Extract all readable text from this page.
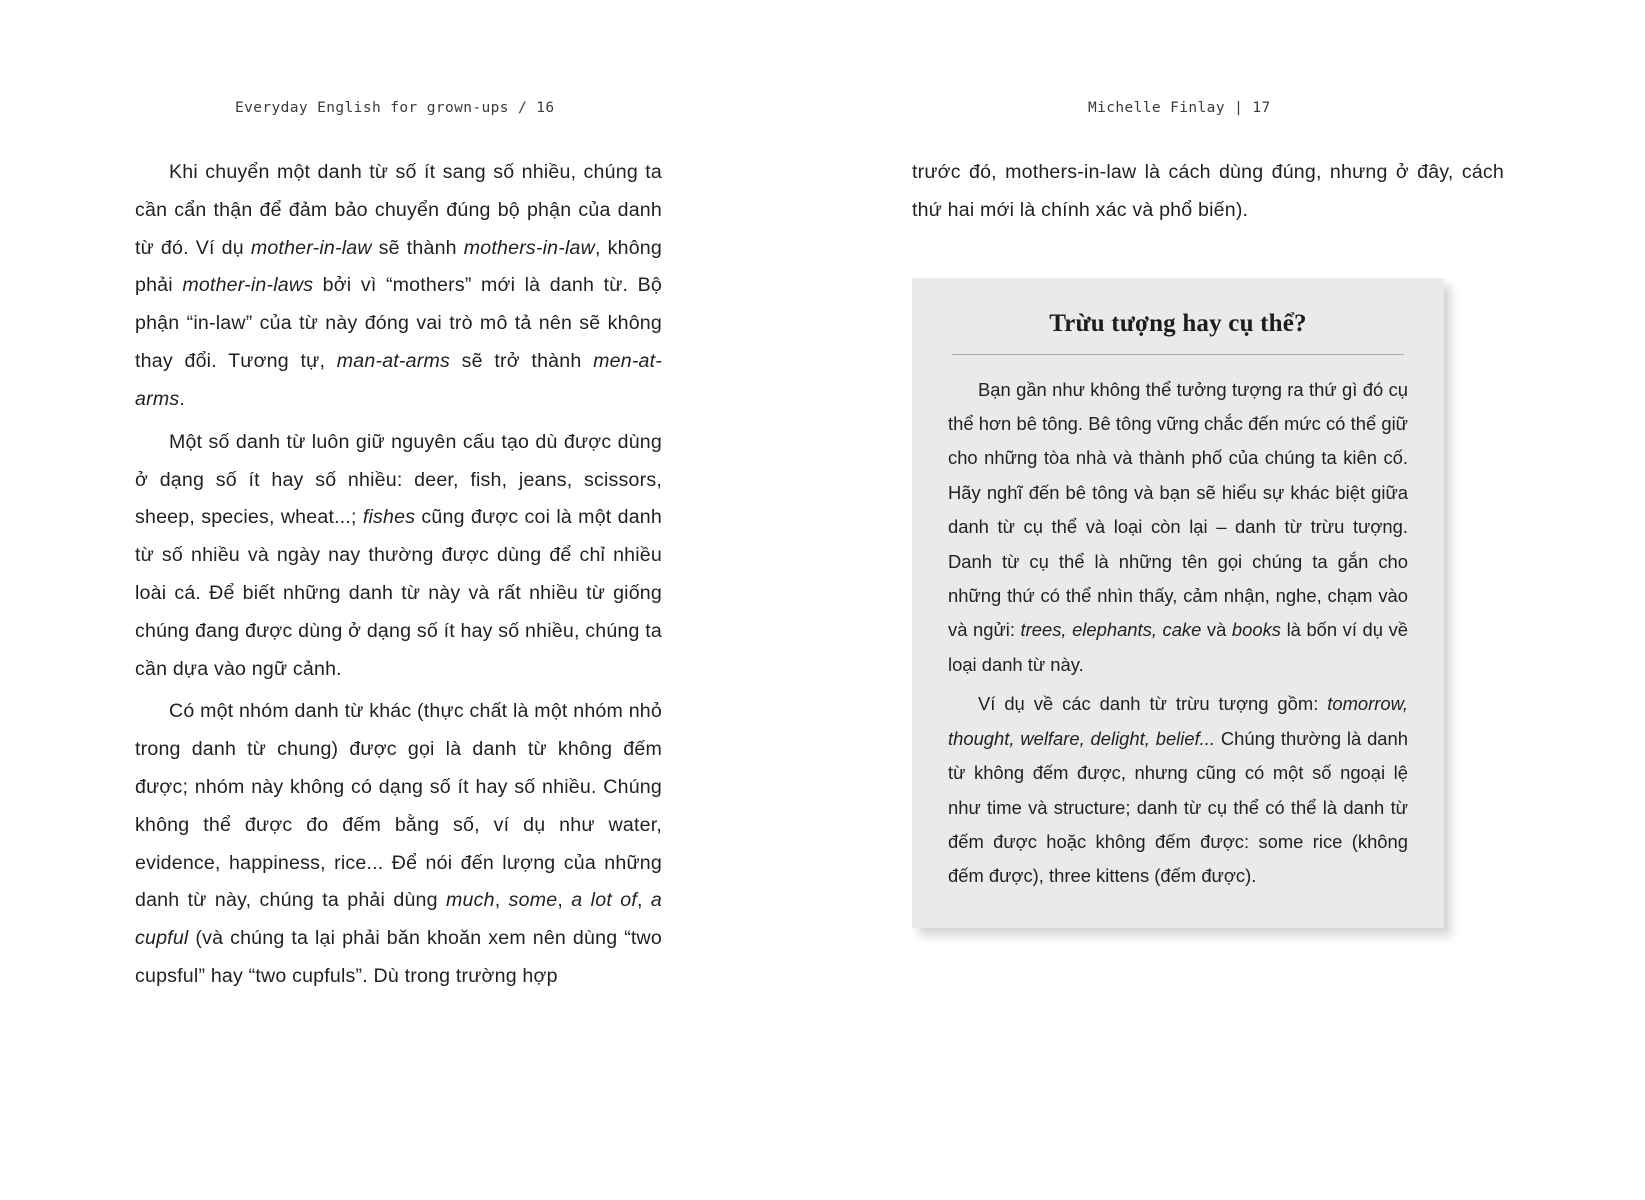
Everyday English for grown-ups / 16

Khi chuyển một danh từ số ít sang số nhiều, chúng ta cần cẩn thận để đảm bảo chuyển đúng bộ phận của danh từ đó. Ví dụ mother-in-law sẽ thành mothers-in-law, không phải mother-in-laws bởi vì “mothers” mới là danh từ. Bộ phận “in-law” của từ này đóng vai trò mô tả nên sẽ không thay đổi. Tương tự, man-at-arms sẽ trở thành men-at-arms.

Một số danh từ luôn giữ nguyên cấu tạo dù được dùng ở dạng số ít hay số nhiều: deer, fish, jeans, scissors, sheep, species, wheat...; fishes cũng được coi là một danh từ số nhiều và ngày nay thường được dùng để chỉ nhiều loài cá. Để biết những danh từ này và rất nhiều từ giống chúng đang được dùng ở dạng số ít hay số nhiều, chúng ta cần dựa vào ngữ cảnh.

Có một nhóm danh từ khác (thực chất là một nhóm nhỏ trong danh từ chung) được gọi là danh từ không đếm được; nhóm này không có dạng số ít hay số nhiều. Chúng không thể được đo đếm bằng số, ví dụ như water, evidence, happiness, rice... Để nói đến lượng của những danh từ này, chúng ta phải dùng much, some, a lot of, a cupful (và chúng ta lại phải băn khoăn xem nên dùng “two cupsful” hay “two cupfuls”. Dù trong trường hợp

Michelle Finlay | 17

trước đó, mothers-in-law là cách dùng đúng, nhưng ở đây, cách thứ hai mới là chính xác và phổ biến).

Trừu tượng hay cụ thể?

Bạn gần như không thể tưởng tượng ra thứ gì đó cụ thể hơn bê tông. Bê tông vững chắc đến mức có thể giữ cho những tòa nhà và thành phố của chúng ta kiên cố. Hãy nghĩ đến bê tông và bạn sẽ hiểu sự khác biệt giữa danh từ cụ thể và loại còn lại – danh từ trừu tượng. Danh từ cụ thể là những tên gọi chúng ta gắn cho những thứ có thể nhìn thấy, cảm nhận, nghe, chạm vào và ngửi: trees, elephants, cake và books là bốn ví dụ về loại danh từ này.

Ví dụ về các danh từ trừu tượng gồm: tomorrow, thought, welfare, delight, belief... Chúng thường là danh từ không đếm được, nhưng cũng có một số ngoại lệ như time và structure; danh từ cụ thể có thể là danh từ đếm được hoặc không đếm được: some rice (không đếm được), three kittens (đếm được).
